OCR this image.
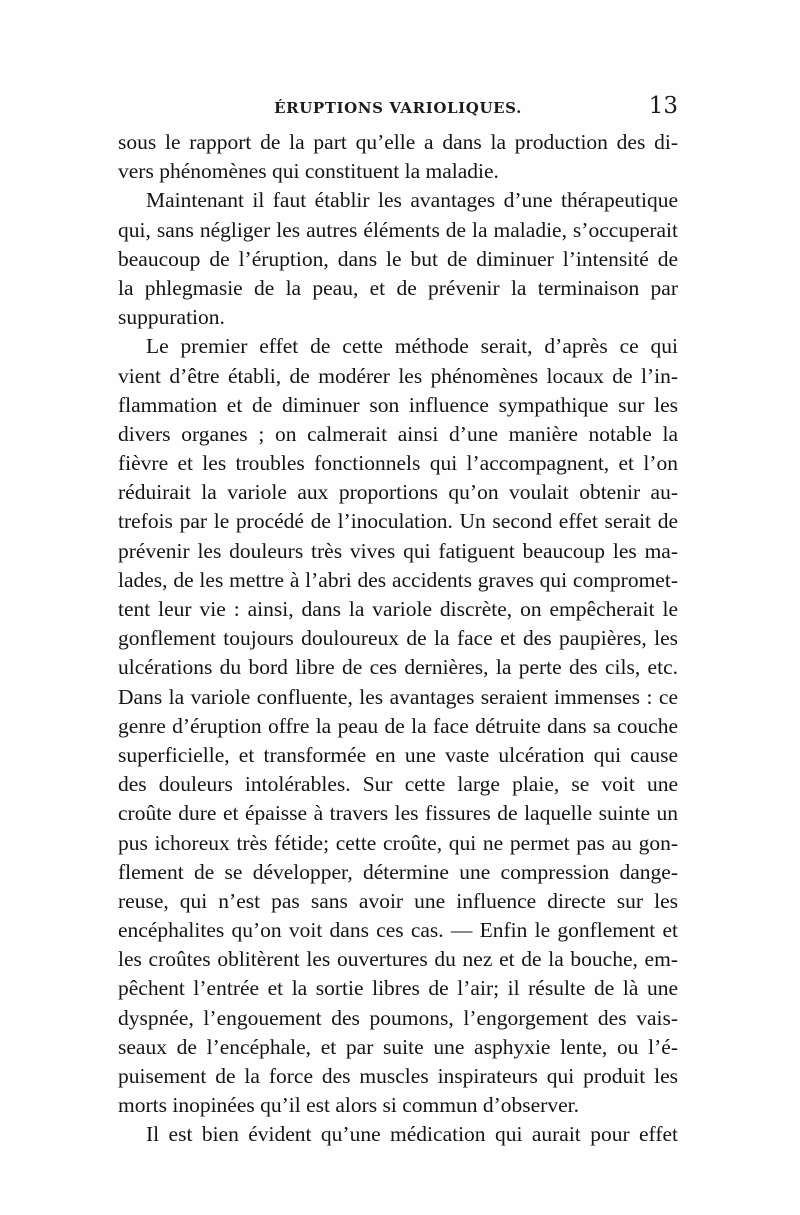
ÉRUPTIONS VARIOLIQUES.	13
sous le rapport de la part qu’elle a dans la production des di-
vers phénomènes qui constituent la maladie.
Maintenant il faut établir les avantages d’une thérapeutique
qui, sans négliger les autres éléments de la maladie, s’occuperait
beaucoup de l’éruption, dans le but de diminuer l’intensité de
la phlegmasie de la peau, et de prévenir la terminaison par
suppuration.
Le premier effet de cette méthode serait, d’après ce qui
vient d’être établi, de modérer les phénomènes locaux de l’in-
flammation et de diminuer son influence sympathique sur les
divers organes ; on calmerait ainsi d’une manière notable la
fièvre et les troubles fonctionnels qui l’accompagnent, et l’on
réduirait la variole aux proportions qu’on voulait obtenir au-
trefois par le procédé de l’inoculation. Un second effet serait de
prévenir les douleurs très vives qui fatiguent beaucoup les ma-
lades, de les mettre à l’abri des accidents graves qui compromet-
tent leur vie : ainsi, dans la variole discrète, on empêcherait le
gonflement toujours douloureux de la face et des paupières, les
ulcérations du bord libre de ces dernières, la perte des cils, etc.
Dans la variole confluente, les avantages seraient immenses : ce
genre d’éruption offre la peau de la face détruite dans sa couche
superficielle, et transformée en une vaste ulcération qui cause
des douleurs intolérables. Sur cette large plaie, se voit une
croûte dure et épaisse à travers les fissures de laquelle suinte un
pus ichoreux très fétide; cette croûte, qui ne permet pas au gon-
flement de se développer, détermine une compression dange-
reuse, qui n’est pas sans avoir une influence directe sur les
encéphalites qu’on voit dans ces cas. — Enfin le gonflement et
les croûtes oblitèrent les ouvertures du nez et de la bouche, em-
pêchent l’entrée et la sortie libres de l’air; il résulte de là une
dyspnée, l’engouement des poumons, l’engorgement des vais-
seaux de l’encéphale, et par suite une asphyxie lente, ou l’é-
puisement de la force des muscles inspirateurs qui produit les
morts inopinées qu’il est alors si commun d’observer.
Il est bien évident qu’une médication qui aurait pour effet
